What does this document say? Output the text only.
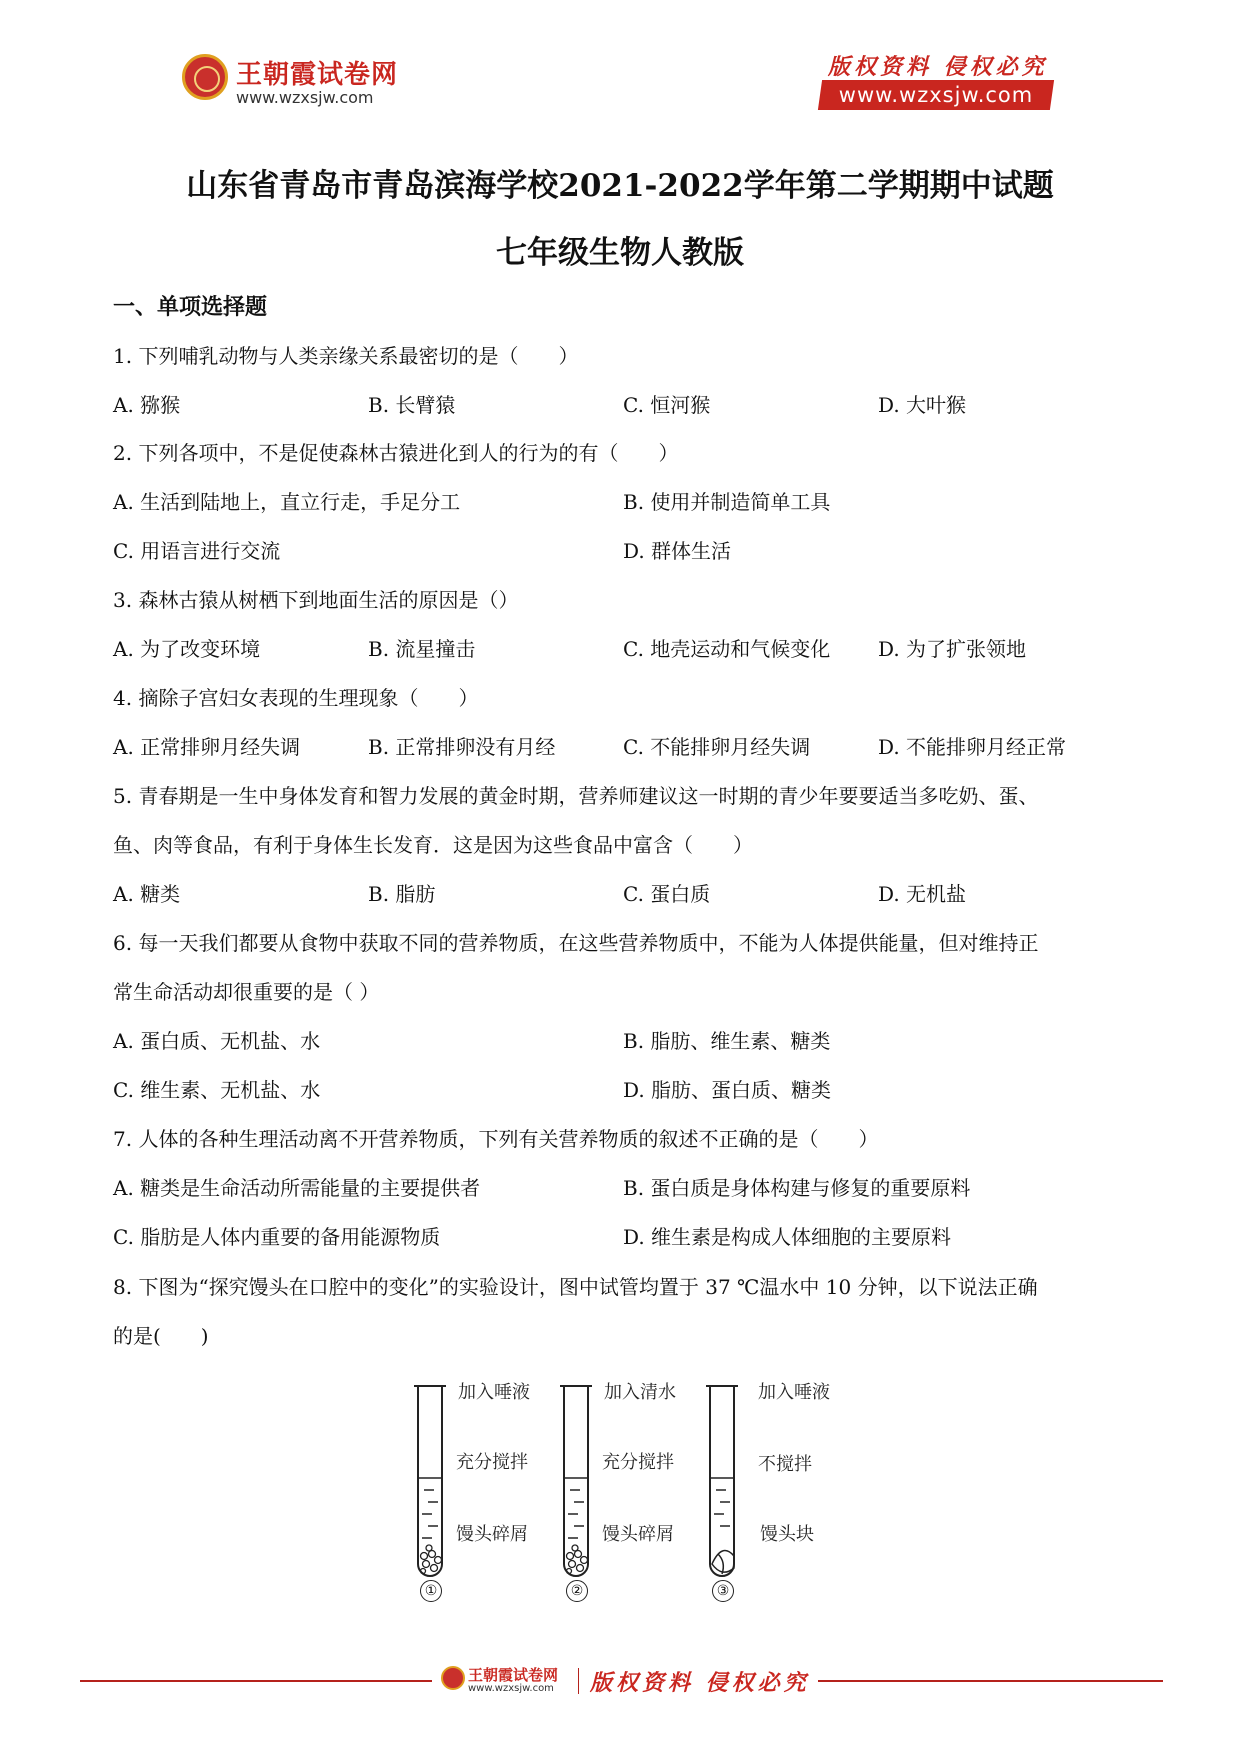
王朝霞试卷网
www.wzxsjw.com
版权资料 侵权必究
www.wzxsjw.com
山东省青岛市青岛滨海学校2021-2022学年第二学期期中试题
七年级生物人教版
一、单项选择题
1. 下列哺乳动物与人类亲缘关系最密切的是（　　）
A. 猕猴	B. 长臂猿	C. 恒河猴	D. 大叶猴
2. 下列各项中，不是促使森林古猿进化到人的行为的有（　　）
A. 生活到陆地上，直立行走，手足分工	B. 使用并制造简单工具
C. 用语言进行交流	D. 群体生活
3. 森林古猿从树栖下到地面生活的原因是（）
A. 为了改变环境	B. 流星撞击	C. 地壳运动和气候变化 D. 为了扩张领地
4. 摘除子宫妇女表现的生理现象（　　）
A. 正常排卵月经失调	B. 正常排卵没有月经	C. 不能排卵月经失调	D. 不能排卵月经正常
5. 青春期是一生中身体发育和智力发展的黄金时期，营养师建议这一时期的青少年要要适当多吃奶、蛋、
鱼、肉等食品，有利于身体生长发育．这是因为这些食品中富含（　　）
A. 糖类	B. 脂肪	C. 蛋白质	D. 无机盐
6. 每一天我们都要从食物中获取不同的营养物质，在这些营养物质中，不能为人体提供能量，但对维持正
常生命活动却很重要的是（ ）
A. 蛋白质、无机盐、水	B. 脂肪、维生素、糖类
C. 维生素、无机盐、水	D. 脂肪、蛋白质、糖类
7. 人体的各种生理活动离不开营养物质，下列有关营养物质的叙述不正确的是（　　）
A. 糖类是生命活动所需能量的主要提供者	B. 蛋白质是身体构建与修复的重要原料
C. 脂肪是人体内重要的备用能源物质	D. 维生素是构成人体细胞的主要原料
8. 下图为“探究馒头在口腔中的变化”的实验设计，图中试管均置于 37 ℃温水中 10 分钟，以下说法正确
的是(　　)
加入唾液
充分搅拌
馒头碎屑
①
加入清水
充分搅拌
馒头碎屑
②
加入唾液
不搅拌
馒头块
③
王朝霞试卷网
www.wzxsjw.com 版权资料 侵权必究
